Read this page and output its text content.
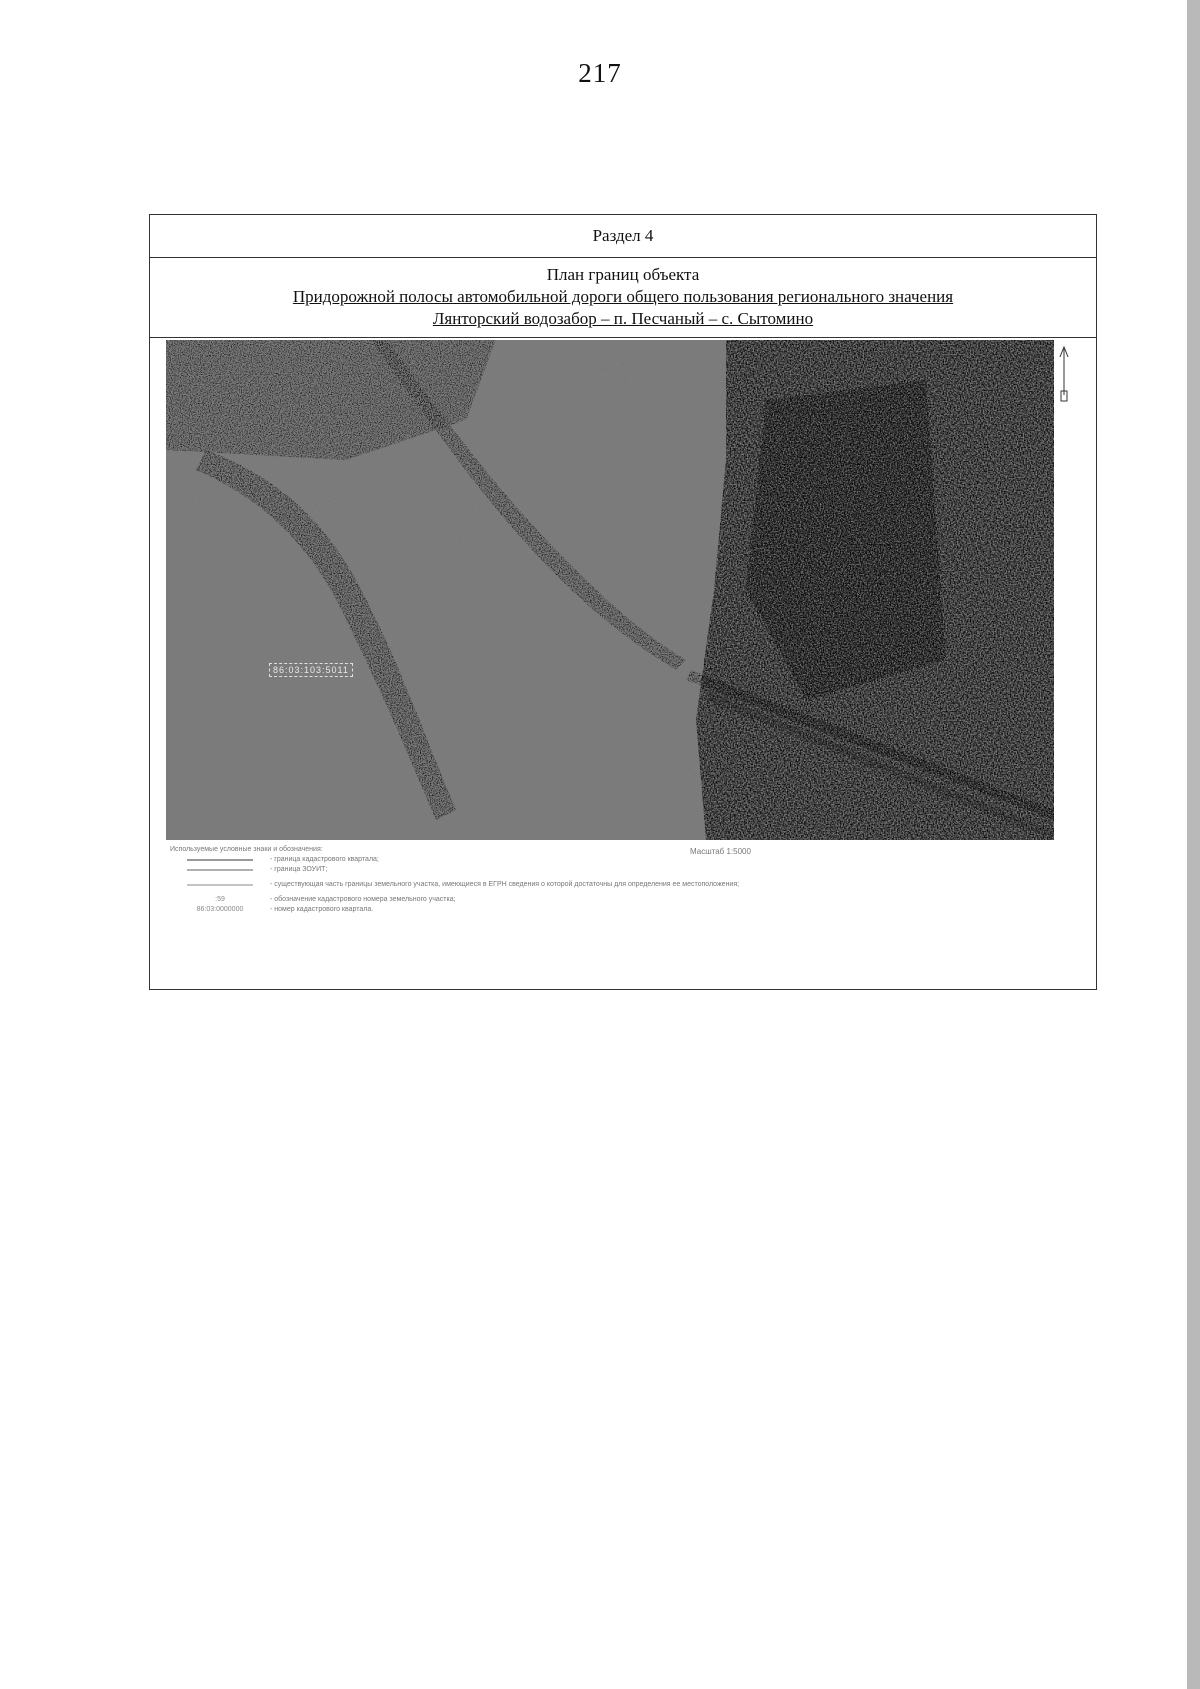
217
Раздел 4
План границ объекта
Придорожной полосы автомобильной дороги общего пользования регионального значения
Лянторский водозабор – п. Песчаный – с. Сытомино
86:03:103:5011
Используемые условные знаки и обозначения:
- граница кадастрового квартала;
- граница ЗОУИТ;
- существующая часть границы земельного участка, имеющиеся в ЕГРН сведения о которой достаточны для определения ее местоположения;
:59	- обозначение кадастрового номера земельного участка;
86:03:0000000	- номер кадастрового квартала.
Масштаб 1:5000
